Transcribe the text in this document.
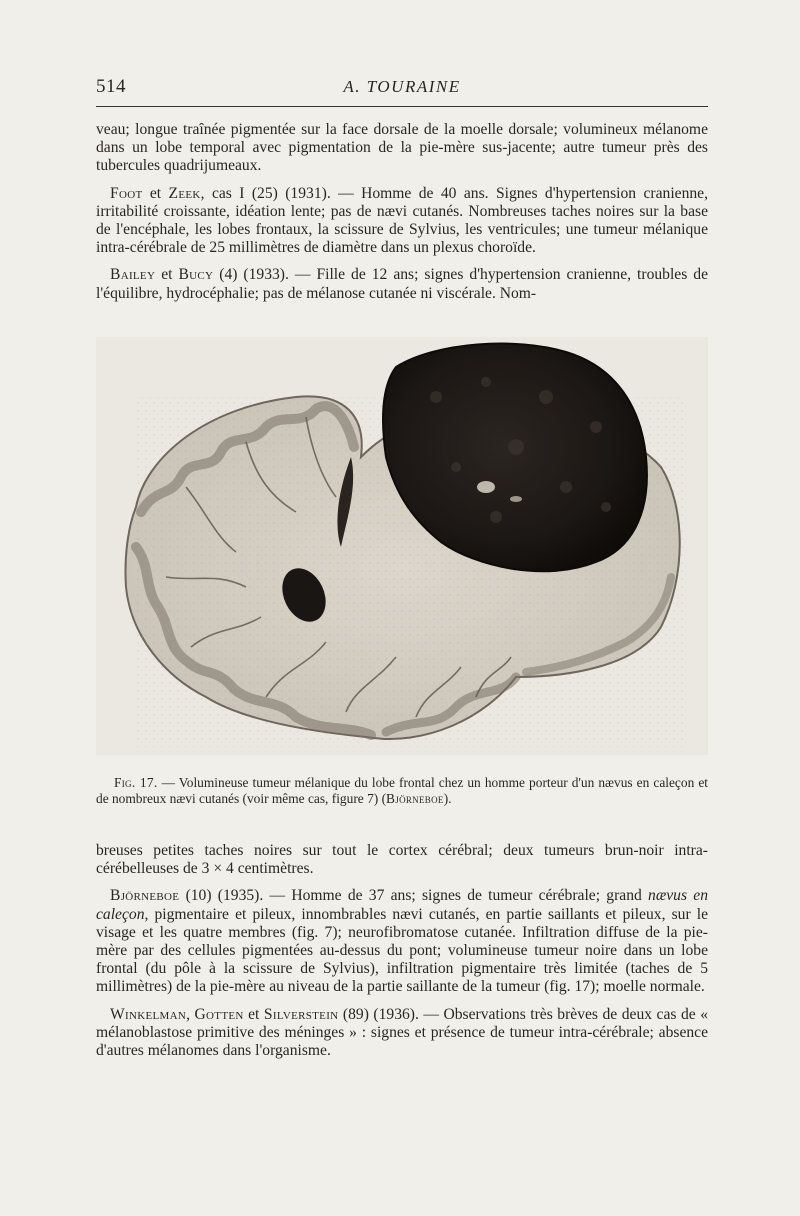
514	A. TOURAINE

veau; longue traînée pigmentée sur la face dorsale de la moelle dorsale; volumineux mélanome dans un lobe temporal avec pigmentation de la pie-mère sus-jacente; autre tumeur près des tubercules quadrijumeaux.

Foot et Zeek, cas I (25) (1931). — Homme de 40 ans. Signes d'hypertension cranienne, irritabilité croissante, idéation lente; pas de nævi cutanés. Nombreuses taches noires sur la base de l'encéphale, les lobes frontaux, la scissure de Sylvius, les ventricules; une tumeur mélanique intra-cérébrale de 25 millimètres de diamètre dans un plexus choroïde.

Bailey et Bucy (4) (1933). — Fille de 12 ans; signes d'hypertension cranienne, troubles de l'équilibre, hydrocéphalie; pas de mélanose cutanée ni viscérale. Nom-

Fig. 17. — Volumineuse tumeur mélanique du lobe frontal chez un homme porteur d'un nævus en caleçon et de nombreux nævi cutanés (voir même cas, figure 7) (Björneboe).

breuses petites taches noires sur tout le cortex cérébral; deux tumeurs brun-noir intra-cérébelleuses de 3 × 4 centimètres.

Björneboe (10) (1935). — Homme de 37 ans; signes de tumeur cérébrale; grand nævus en caleçon, pigmentaire et pileux, innombrables nævi cutanés, en partie saillants et pileux, sur le visage et les quatre membres (fig. 7); neurofibromatose cutanée. Infiltration diffuse de la pie-mère par des cellules pigmentées au-dessus du pont; volumineuse tumeur noire dans un lobe frontal (du pôle à la scissure de Sylvius), infiltration pigmentaire très limitée (taches de 5 millimètres) de la pie-mère au niveau de la partie saillante de la tumeur (fig. 17); moelle normale.

Winkelman, Gotten et Silverstein (89) (1936). — Observations très brèves de deux cas de « mélanoblastose primitive des méninges » : signes et présence de tumeur intra-cérébrale; absence d'autres mélanomes dans l'organisme.
